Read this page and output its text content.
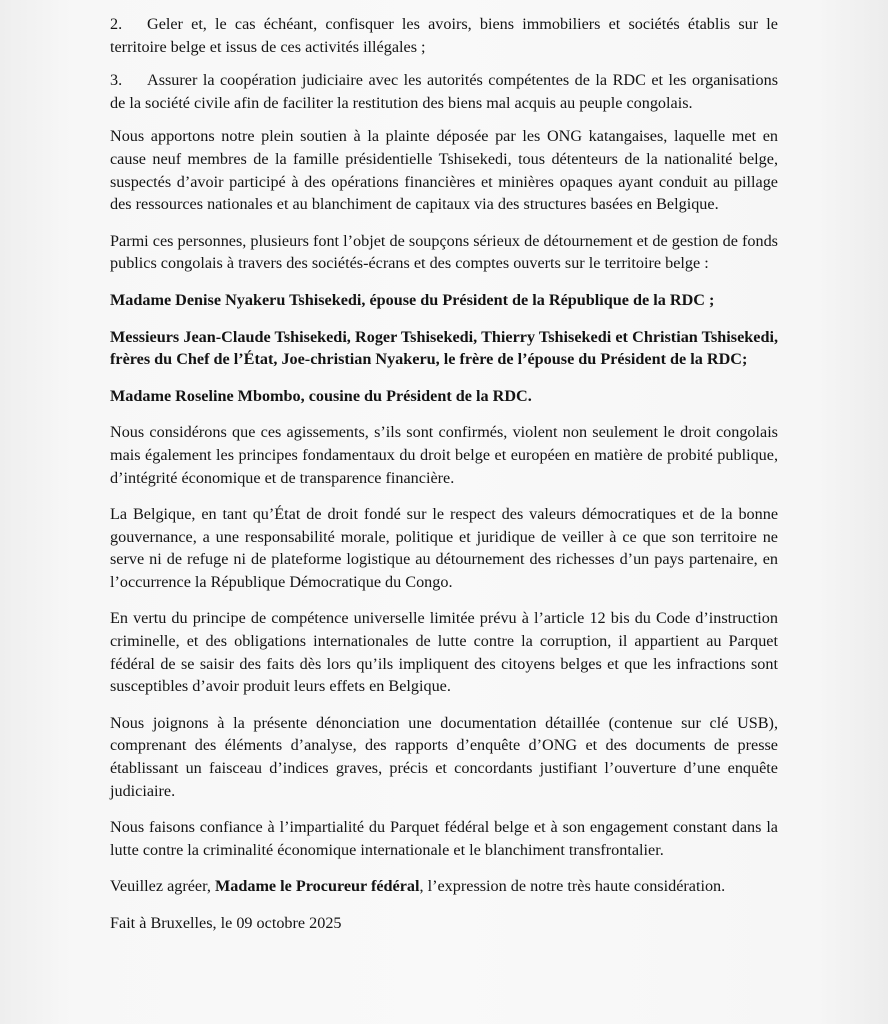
2. Geler et, le cas échéant, confisquer les avoirs, biens immobiliers et sociétés établis sur le territoire belge et issus de ces activités illégales ;

3. Assurer la coopération judiciaire avec les autorités compétentes de la RDC et les organisations de la société civile afin de faciliter la restitution des biens mal acquis au peuple congolais.

Nous apportons notre plein soutien à la plainte déposée par les ONG katangaises, laquelle met en cause neuf membres de la famille présidentielle Tshisekedi, tous détenteurs de la nationalité belge, suspectés d’avoir participé à des opérations financières et minières opaques ayant conduit au pillage des ressources nationales et au blanchiment de capitaux via des structures basées en Belgique.

Parmi ces personnes, plusieurs font l’objet de soupçons sérieux de détournement et de gestion de fonds publics congolais à travers des sociétés-écrans et des comptes ouverts sur le territoire belge :

Madame Denise Nyakeru Tshisekedi, épouse du Président de la République de la RDC ;

Messieurs Jean-Claude Tshisekedi, Roger Tshisekedi, Thierry Tshisekedi et Christian Tshisekedi, frères du Chef de l’État, Joe-christian Nyakeru, le frère de l’épouse du Président de la RDC;

Madame Roseline Mbombo, cousine du Président de la RDC.

Nous considérons que ces agissements, s’ils sont confirmés, violent non seulement le droit congolais mais également les principes fondamentaux du droit belge et européen en matière de probité publique, d’intégrité économique et de transparence financière.

La Belgique, en tant qu’État de droit fondé sur le respect des valeurs démocratiques et de la bonne gouvernance, a une responsabilité morale, politique et juridique de veiller à ce que son territoire ne serve ni de refuge ni de plateforme logistique au détournement des richesses d’un pays partenaire, en l’occurrence la République Démocratique du Congo.

En vertu du principe de compétence universelle limitée prévu à l’article 12 bis du Code d’instruction criminelle, et des obligations internationales de lutte contre la corruption, il appartient au Parquet fédéral de se saisir des faits dès lors qu’ils impliquent des citoyens belges et que les infractions sont susceptibles d’avoir produit leurs effets en Belgique.

Nous joignons à la présente dénonciation une documentation détaillée (contenue sur clé USB), comprenant des éléments d’analyse, des rapports d’enquête d’ONG et des documents de presse établissant un faisceau d’indices graves, précis et concordants justifiant l’ouverture d’une enquête judiciaire.

Nous faisons confiance à l’impartialité du Parquet fédéral belge et à son engagement constant dans la lutte contre la criminalité économique internationale et le blanchiment transfrontalier.

Veuillez agréer, Madame le Procureur fédéral, l’expression de notre très haute considération.

Fait à Bruxelles, le 09 octobre 2025
